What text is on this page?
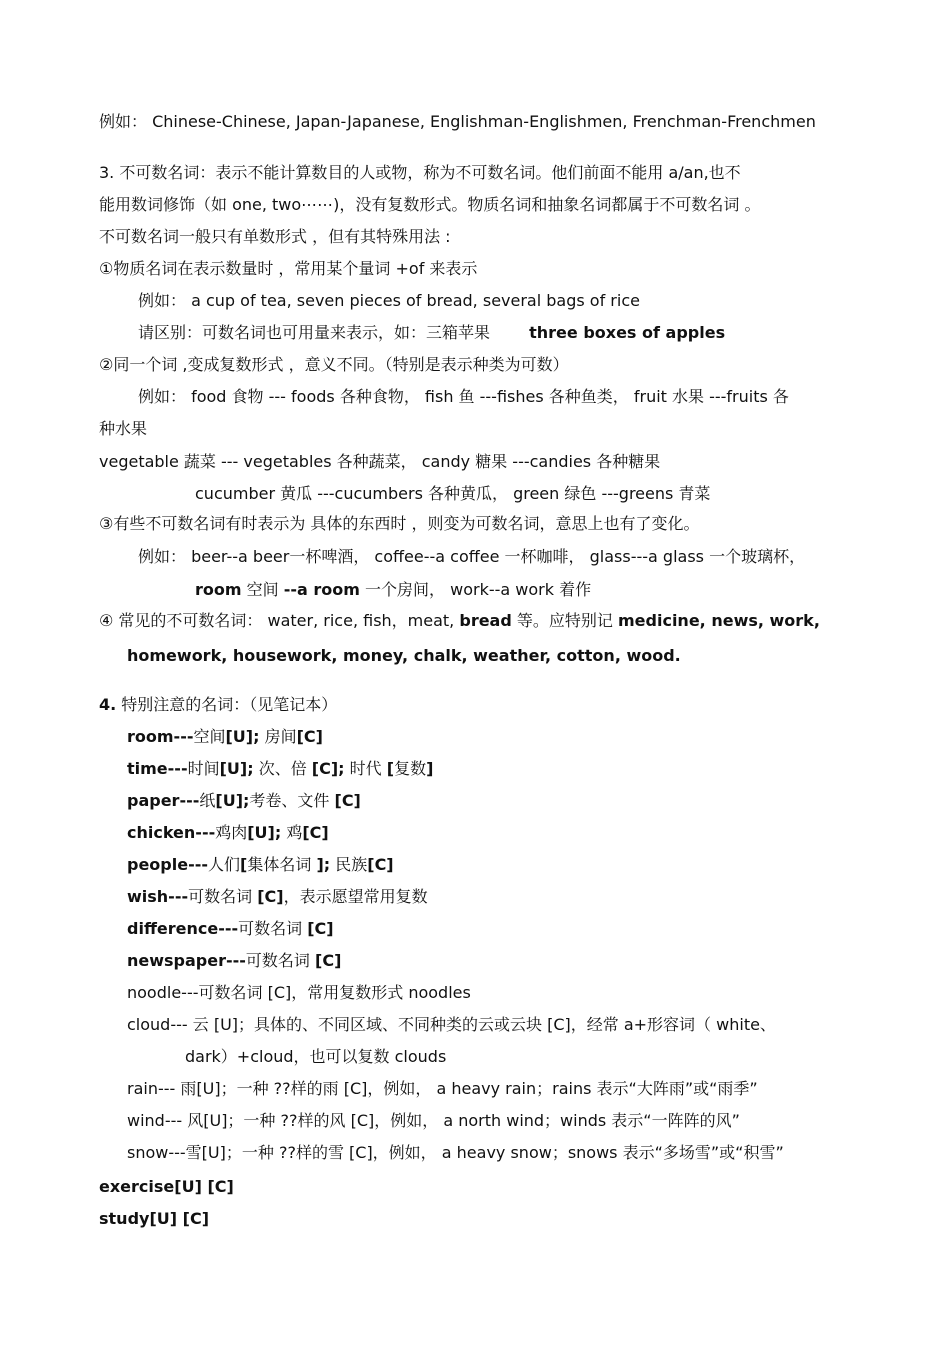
例如： Chinese-Chinese, Japan-Japanese, Englishman-Englishmen, Frenchman-Frenchmen
3. 不可数名词：表示不能计算数目的人或物，称为不可数名词。他们前面不能用 a/an,也不
能用数词修饰（如 one, two⋯⋯)，没有复数形式。物质名词和抽象名词都属于不可数名词 。
不可数名词一般只有单数形式 ，但有其特殊用法 :
①物质名词在表示数量时 ，常用某个量词 +of 来表示
例如： a cup of tea, seven pieces of bread, several bags of rice
请区别：可数名词也可用量来表示，如：三箱苹果 three boxes of apples
②同一个词 ,变成复数形式 ，意义不同。（特别是表示种类为可数）
例如： food 食物 --- foods 各种食物， fish 鱼 ---fishes 各种鱼类， fruit 水果 ---fruits 各
种水果
vegetable 蔬菜 --- vegetables 各种蔬菜， candy 糖果 ---candies 各种糖果
cucumber 黄瓜 ---cucumbers 各种黄瓜， green 绿色 ---greens 青菜
③有些不可数名词有时表示为 具体的东西时 ，则变为可数名词，意思上也有了变化。
例如： beer--a beer一杯啤酒， coffee--a coffee 一杯咖啡， glass---a glass 一个玻璃杯，
room 空间 --a room 一个房间， work--a work 着作
④ 常见的不可数名词： water, rice, fish，meat, bread 等。应特别记 medicine, news, work,
homework, housework, money, chalk, weather, cotton, wood.
4. 特别注意的名词：（见笔记本）
room---空间[U]; 房间[C]
time---时间[U]; 次、倍 [C]; 时代 [复数]
paper---纸[U];考卷、文件 [C]
chicken---鸡肉[U]; 鸡[C]
people---人们[集体名词 ]; 民族[C]
wish---可数名词 [C]，表示愿望常用复数
difference---可数名词 [C]
newspaper---可数名词 [C]
noodle---可数名词 [C]，常用复数形式 noodles
cloud--- 云 [U]；具体的、不同区域、不同种类的云或云块 [C]，经常 a+形容词（ white、
dark）+cloud，也可以复数 clouds
rain--- 雨[U]；一种 ??样的雨 [C]，例如， a heavy rain；rains 表示“大阵雨”或“雨季”
wind--- 风[U]；一种 ??样的风 [C]，例如， a north wind；winds 表示“一阵阵的风”
snow---雪[U]；一种 ??样的雪 [C]，例如， a heavy snow；snows 表示“多场雪”或“积雪”
exercise[U] [C]
study[U] [C]
